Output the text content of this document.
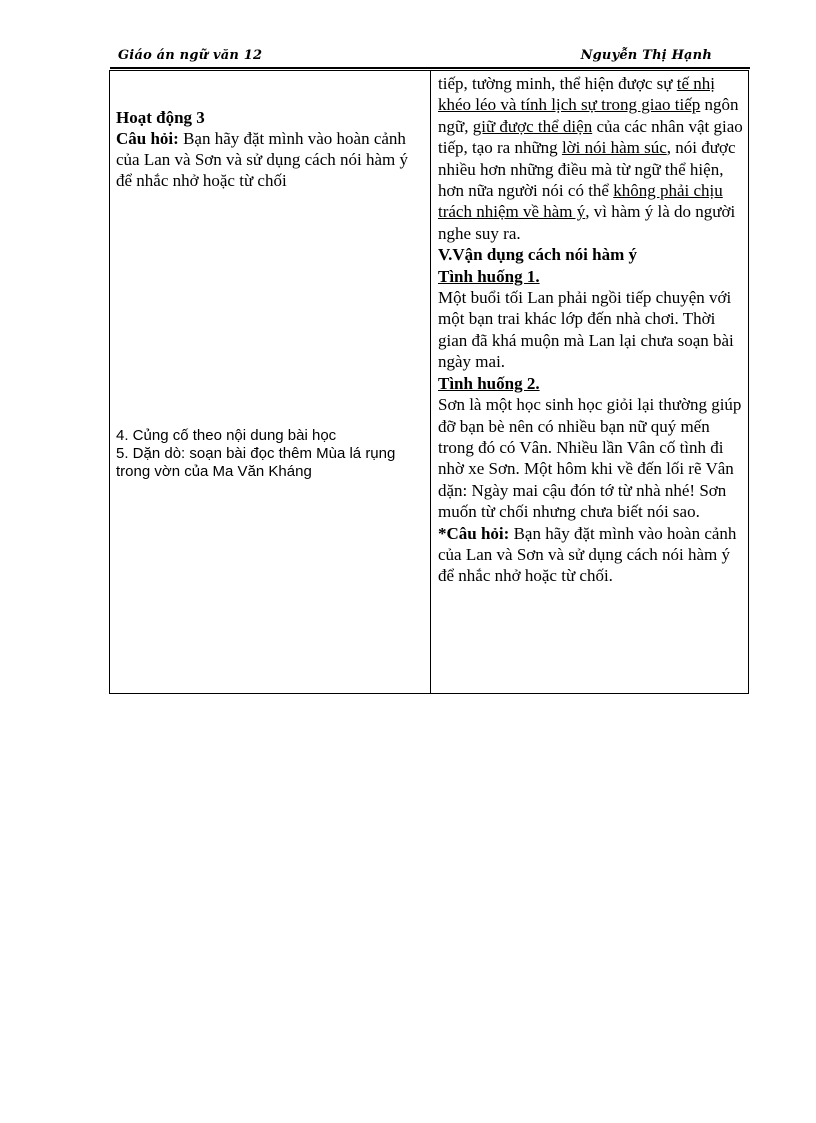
Giáo án ngữ văn 12	Nguyễn Thị Hạnh
Hoạt động 3
Câu hỏi: Bạn hãy đặt mình vào hoàn cảnh của Lan và Sơn và sử dụng cách nói hàm ý để nhắc nhở hoặc từ chối
4. Củng cố theo nội dung bài học
5. Dặn dò: soạn bài đọc thêm Mùa lá rụng trong vờn của Ma Văn Kháng

tiếp, tường minh, thể hiện được sự tế nhị khéo léo và tính lịch sự trong giao tiếp ngôn ngữ, giữ được thể diện của các nhân vật giao tiếp, tạo ra những lời nói hàm súc, nói được nhiều hơn những điều mà từ ngữ thể hiện, hơn nữa người nói có thể không phải chịu trách nhiệm về hàm ý, vì hàm ý là do người nghe suy ra.

V.Vận dụng cách nói hàm ý

Tình huống 1.

Một buổi tối Lan phải ngồi tiếp chuyện với một bạn trai khác lớp đến nhà chơi. Thời gian đã khá muộn mà Lan lại chưa soạn bài ngày mai.

Tình huống 2.

Sơn là một học sinh học giỏi lại thường giúp đỡ bạn bè nên có nhiều bạn nữ quý mến trong đó có Vân. Nhiều lần Vân cố tình đi nhờ xe Sơn. Một hôm khi về đến lối rẽ Vân dặn: Ngày mai cậu đón tớ từ nhà nhé! Sơn muốn từ chối nhưng chưa biết nói sao.

*Câu hỏi: Bạn hãy đặt mình vào hoàn cảnh của Lan và Sơn và sử dụng cách nói hàm ý để nhắc nhở hoặc từ chối.
